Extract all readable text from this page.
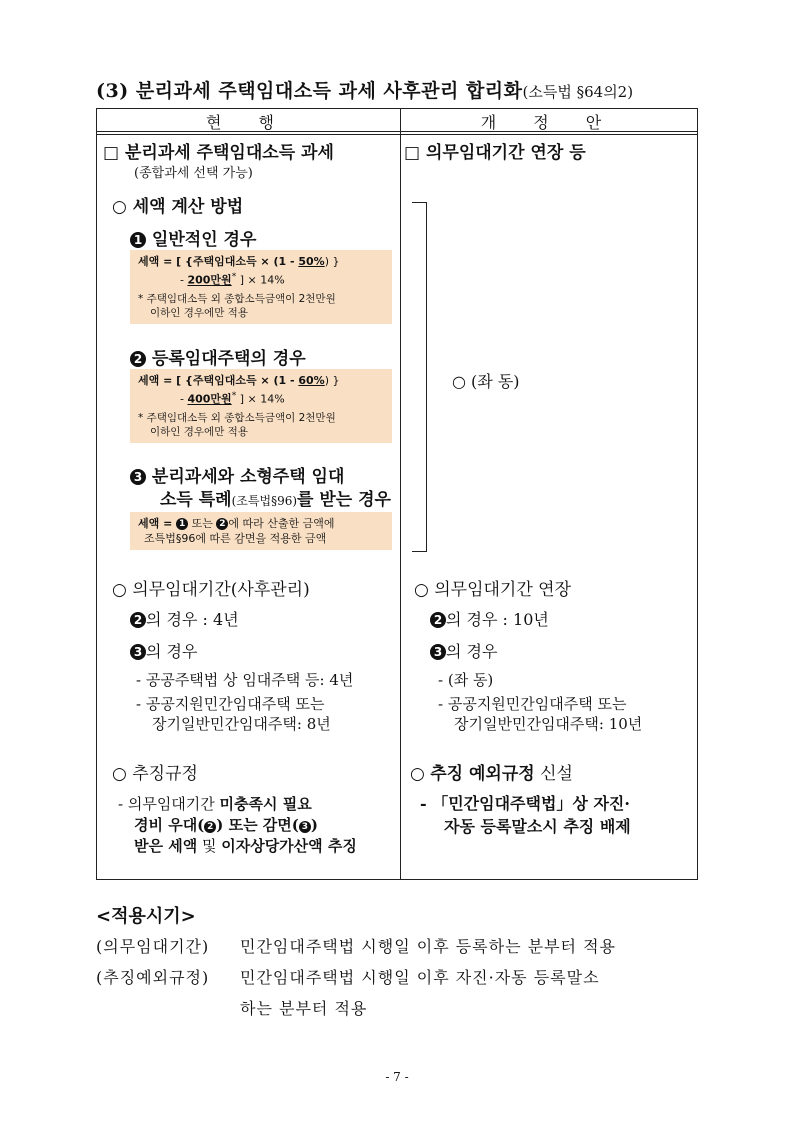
(3) 분리과세 주택임대소득 과세 사후관리 합리화(소득법 §64의2)
현 행	개 정 안
□ 분리과세 주택임대소득 과세
(종합과세 선택 가능)
○ 세액 계산 방법
1 일반적인 경우
세액 = [ {주택임대소득 × (1 - 50%) }
- 200만원* ] × 14%
* 주택임대소득 외 종합소득금액이 2천만원
이하인 경우에만 적용
2 등록임대주택의 경우
세액 = [ {주택임대소득 × (1 - 60%) }
- 400만원* ] × 14%
* 주택임대소득 외 종합소득금액이 2천만원
이하인 경우에만 적용
3 분리과세와 소형주택 임대
소득 특례(조특법§96)를 받는 경우
세액 = 1 또는 2 에 따라 산출한 금액에
조특법§96에 따른 감면을 적용한 금액
○ 의무임대기간(사후관리)
2 의 경우 : 4년
3 의 경우
- 공공주택법 상 임대주택 등: 4년
- 공공지원민간임대주택 또는
장기일반민간임대주택: 8년
○ 추징규정
- 의무임대기간 미충족시 필요
경비 우대( 2 ) 또는 감면( 3 )
받은 세액 및 이자상당가산액 추징
□ 의무임대기간 연장 등
○ (좌 동)
○ 의무임대기간 연장
2 의 경우 : 10년
3 의 경우
- (좌 동)
- 공공지원민간임대주택 또는
장기일반민간임대주택: 10년
○ 추징 예외규정 신설
- 「민간임대주택법」상 자진·
자동 등록말소시 추징 배제
<적용시기>
(의무임대기간) 민간임대주택법 시행일 이후 등록하는 분부터 적용
(추징예외규정) 민간임대주택법 시행일 이후 자진·자동 등록말소
하는 분부터 적용
- 7 -
